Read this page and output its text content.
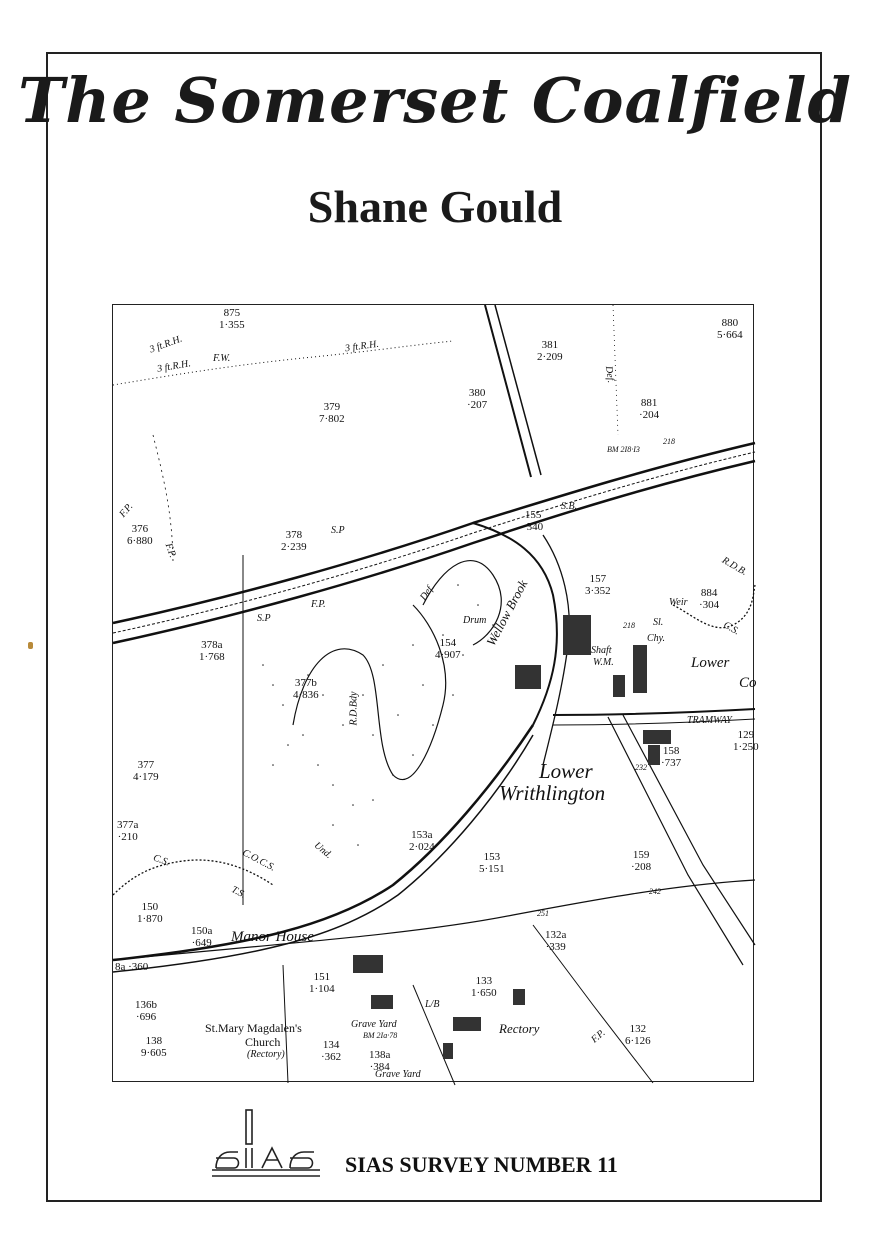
The Somerset Coalfield
Shane Gould
Lower
Writhlington
Lower
Co
Manor House
St.Mary Magdalen's
Church
(Rectory)
Rectory
Grave Yard
Grave Yard
TRAMWAY
Shaft
W.M.
Drum
Weir
Wellow Brook
S.P
S.P
F.P.
F.P.
F.P.
F.P.
S.B.
C.S.
C.S.
C.O.C.S.
T.S.
Und.
Def.
Def.
R.D.Bdy
3 ft.R.H.
3 ft.R.H.
3 ft.R.H.
F.W.
L/B
Chy.
Sl.
R.D.B.
875
1·355	880
5·664
381
2·209
380
·207
379
7·802
881
·204
376
6·880	378
2·239
155
·340
157
3·352	884
·304
378a
1·768
154
4·907
377b
4·836
377
4·179
158
·737
129
1·250
377a
·210	153a
2·024
153
5·151
159
·208
150
1·870
150a
·649
132a
·339
8a ·360
151
1·104
133
1·650
136b
·696
138
9·605
134
·362	138a
·384
132
6·126
218
218
232
242
251
BM 2I8·I3
BM 2Ia·78
SIAS SURVEY NUMBER 11
